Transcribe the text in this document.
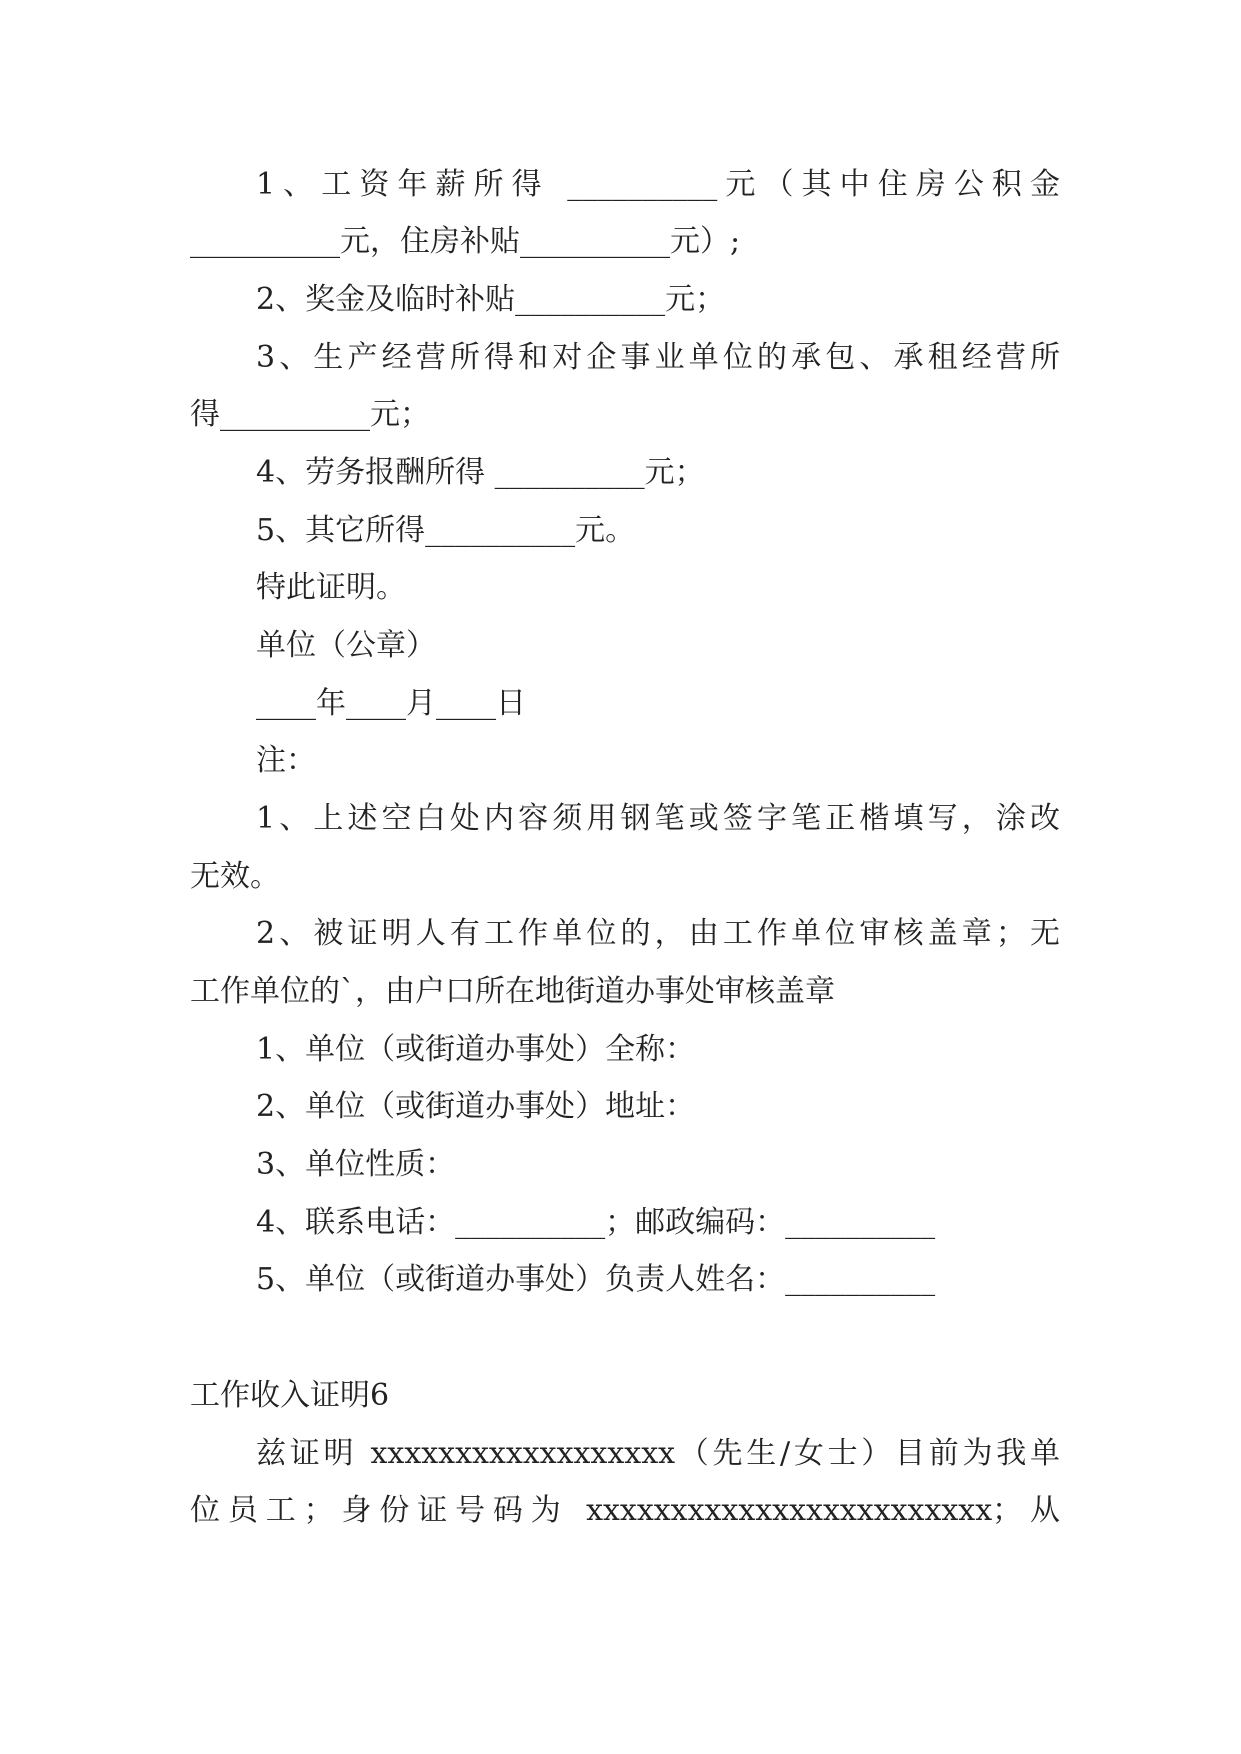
1、工资年薪所得 __________元（其中住房公积金
__________元，住房补贴__________元）;
2、奖金及临时补贴__________元；
3、生产经营所得和对企事业单位的承包、承租经营所
得__________元；
4、劳务报酬所得 __________元；
5、其它所得__________元。
特此证明。
单位（公章）
____年____月____日
注：
1、上述空白处内容须用钢笔或签字笔正楷填写，涂改
无效。
2、被证明人有工作单位的，由工作单位审核盖章；无
工作单位的`，由户口所在地街道办事处审核盖章
1、单位（或街道办事处）全称：
2、单位（或街道办事处）地址：
3、单位性质：
4、联系电话：__________；邮政编码：__________
5、单位（或街道办事处）负责人姓名：__________
工作收入证明6
兹证明 xxxxxxxxxxxxxxxxxx（先生/女士）目前为我单
位员工；身份证号码为 xxxxxxxxxxxxxxxxxxxxxxxx；从
